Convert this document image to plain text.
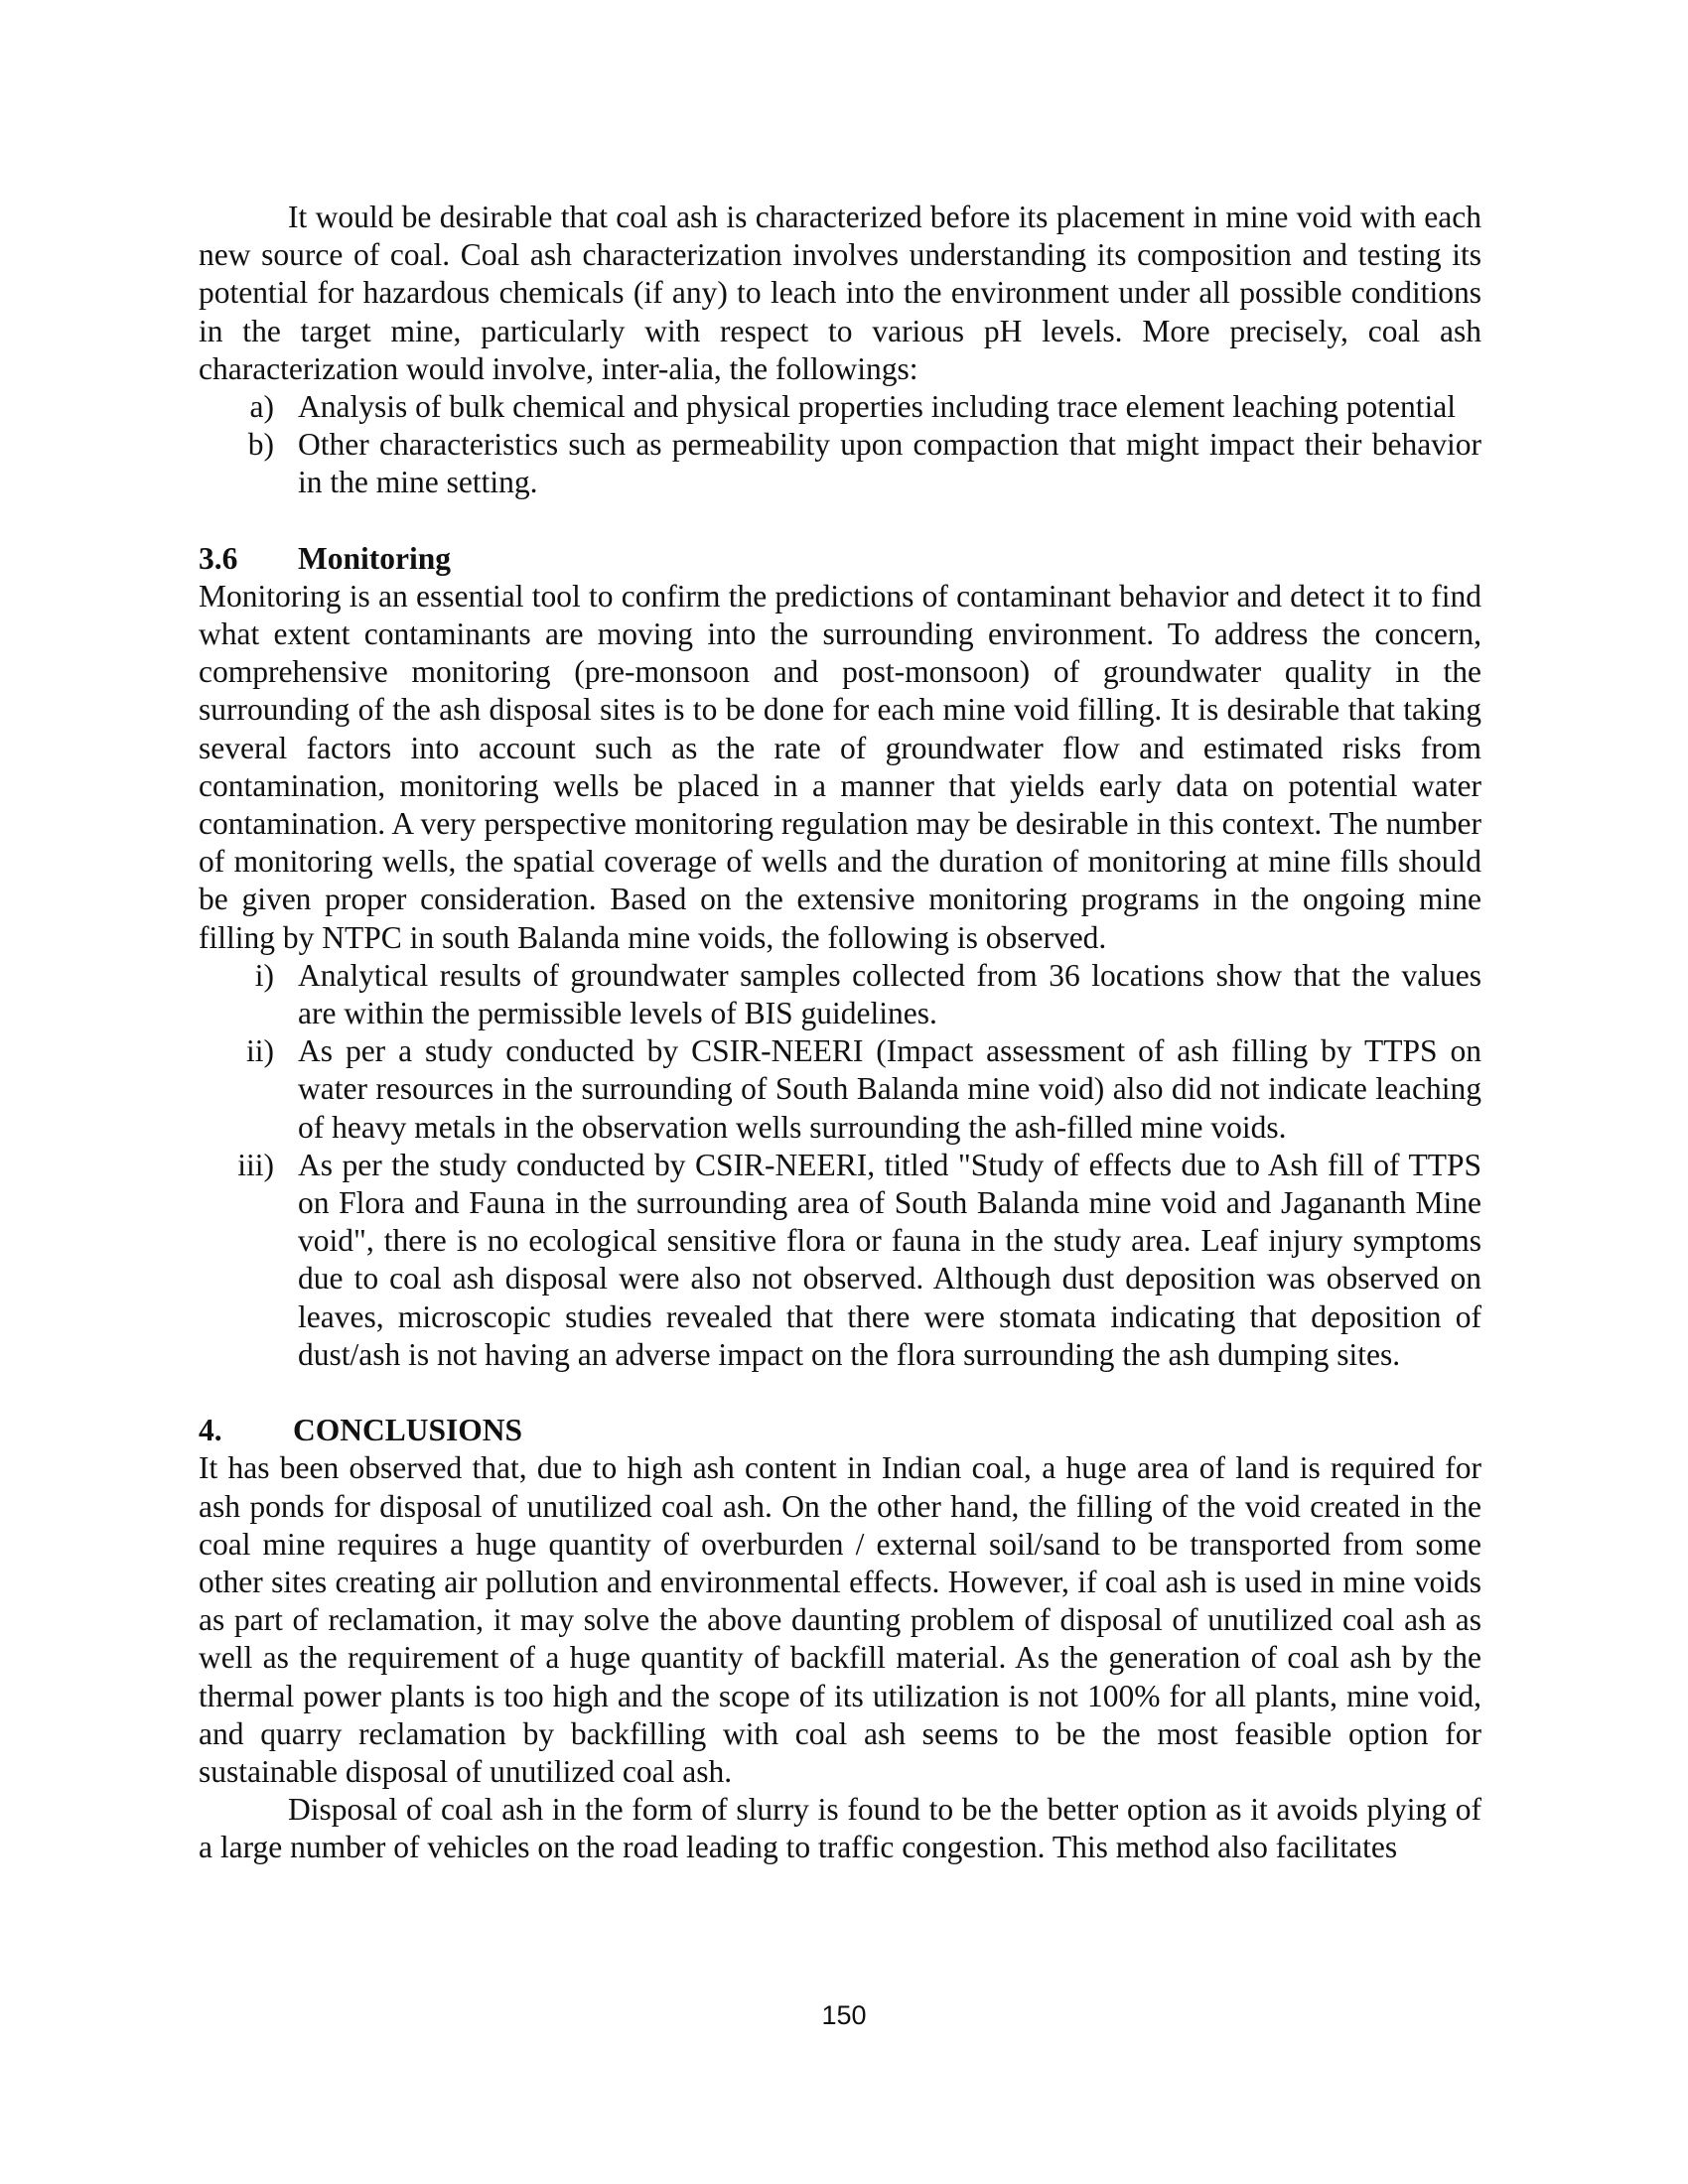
It would be desirable that coal ash is characterized before its placement in mine void with each new source of coal. Coal ash characterization involves understanding its composition and testing its potential for hazardous chemicals (if any) to leach into the environment under all possible conditions in the target mine, particularly with respect to various pH levels. More precisely, coal ash characterization would involve, inter-alia, the followings:

a) Analysis of bulk chemical and physical properties including trace element leaching potential
b) Other characteristics such as permeability upon compaction that might impact their behavior in the mine setting.
3.6	Monitoring

Monitoring is an essential tool to confirm the predictions of contaminant behavior and detect it to find what extent contaminants are moving into the surrounding environment. To address the concern, comprehensive monitoring (pre-monsoon and post-monsoon) of groundwater quality in the surrounding of the ash disposal sites is to be done for each mine void filling. It is desirable that taking several factors into account such as the rate of groundwater flow and estimated risks from contamination, monitoring wells be placed in a manner that yields early data on potential water contamination. A very perspective monitoring regulation may be desirable in this context. The number of monitoring wells, the spatial coverage of wells and the duration of monitoring at mine fills should be given proper consideration. Based on the extensive monitoring programs in the ongoing mine filling by NTPC in south Balanda mine voids, the following is observed.

i) Analytical results of groundwater samples collected from 36 locations show that the values are within the permissible levels of BIS guidelines.
ii) As per a study conducted by CSIR-NEERI (Impact assessment of ash filling by TTPS on water resources in the surrounding of South Balanda mine void) also did not indicate leaching of heavy metals in the observation wells surrounding the ash-filled mine voids.
iii) As per the study conducted by CSIR-NEERI, titled "Study of effects due to Ash fill of TTPS on Flora and Fauna in the surrounding area of South Balanda mine void and Jagananth Mine void", there is no ecological sensitive flora or fauna in the study area. Leaf injury symptoms due to coal ash disposal were also not observed. Although dust deposition was observed on leaves, microscopic studies revealed that there were stomata indicating that deposition of dust/ash is not having an adverse impact on the flora surrounding the ash dumping sites.
4.	CONCLUSIONS

It has been observed that, due to high ash content in Indian coal, a huge area of land is required for ash ponds for disposal of unutilized coal ash. On the other hand, the filling of the void created in the coal mine requires a huge quantity of overburden / external soil/sand to be transported from some other sites creating air pollution and environmental effects. However, if coal ash is used in mine voids as part of reclamation, it may solve the above daunting problem of disposal of unutilized coal ash as well as the requirement of a huge quantity of backfill material. As the generation of coal ash by the thermal power plants is too high and the scope of its utilization is not 100% for all plants, mine void, and quarry reclamation by backfilling with coal ash seems to be the most feasible option for sustainable disposal of unutilized coal ash.

Disposal of coal ash in the form of slurry is found to be the better option as it avoids plying of a large number of vehicles on the road leading to traffic congestion. This method also facilitates

150
